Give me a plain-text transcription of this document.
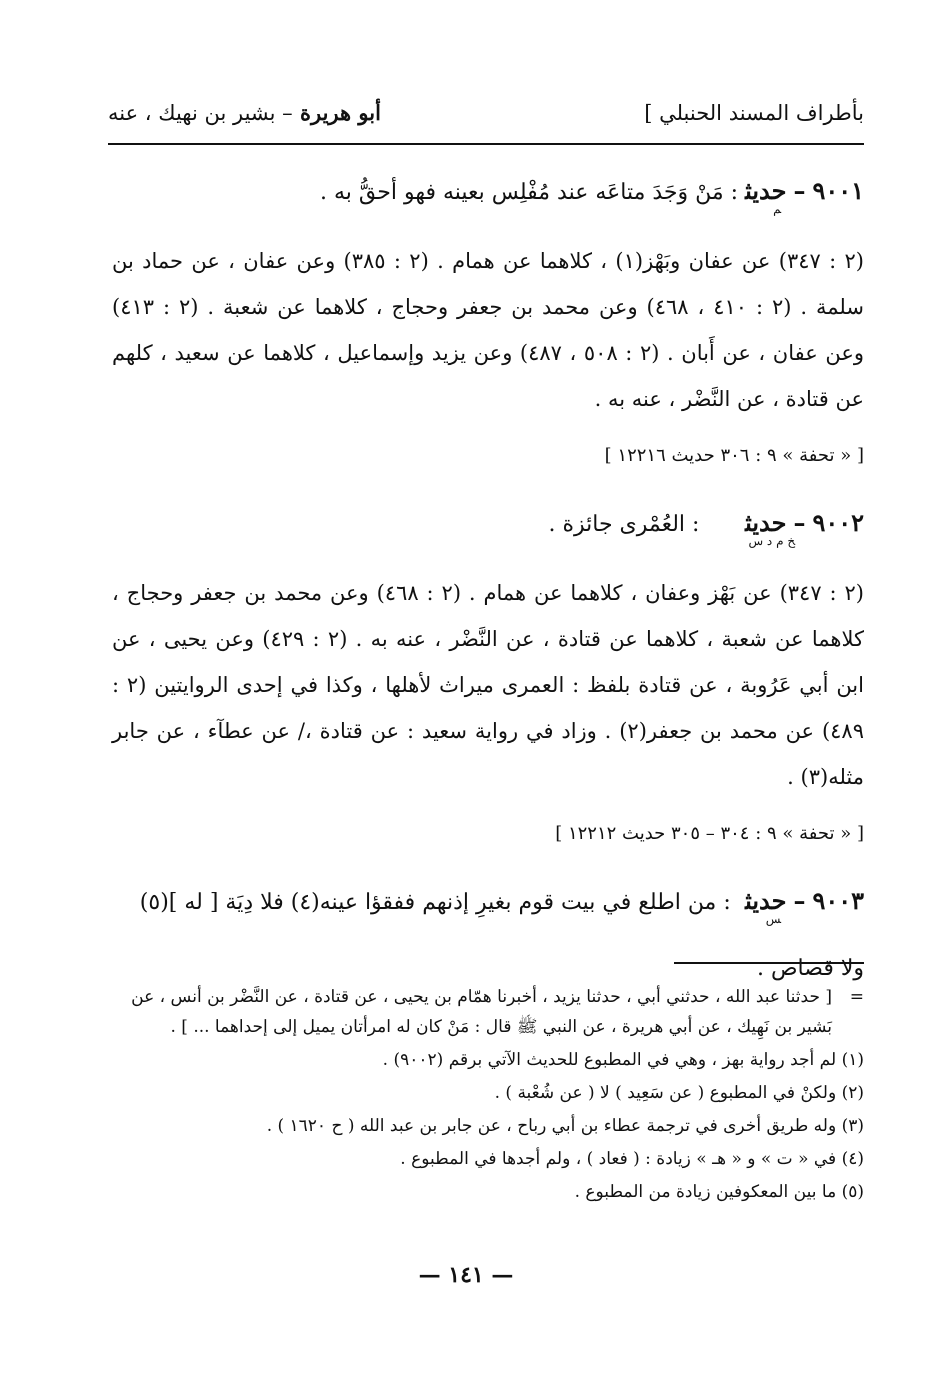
بأطراف المسند الحنبلي ]
أبو هريرة – بشير بن نهيك ، عنه

٩٠٠١ – حديث$_م$ : مَنْ وَجَدَ متاعَه عند مُفْلِس بعينه فهو أحقُّ به .

(٢ : ٣٤٧) عن عفان وبَهْز(١) ، كلاهما عن همام . (٢ : ٣٨٥) وعن عفان ، عن حماد بن سلمة . (٢ : ٤١٠ ، ٤٦٨) وعن محمد بن جعفر وحجاج ، كلاهما عن شعبة . (٢ : ٤١٣) وعن عفان ، عن أَبان . (٢ : ٥٠٨ ، ٤٨٧) وعن يزيد وإسماعيل ، كلاهما عن سعيد ، كلهم عن قتادة ، عن النَّضْر ، عنه به .

[ « تحفة » ٩ : ٣٠٦ حديث ١٢٢١٦ ]

٩٠٠٢ – حديث$_{خ م د س}$ : العُمْرى جائزة .

(٢ : ٣٤٧) عن بَهْز وعفان ، كلاهما عن همام . (٢ : ٤٦٨) وعن محمد بن جعفر وحجاج ، كلاهما عن شعبة ، كلاهما عن قتادة ، عن النَّضْر ، عنه به . (٢ : ٤٢٩) وعن يحيى ، عن ابن أبي عَرُوبة ، عن قتادة بلفظ : العمرى ميراث لأهلها ، وكذا في إحدى الروايتين (٢ : ٤٨٩) عن محمد بن جعفر(٢) . وزاد في رواية سعيد : عن قتادة ،/ عن عطآء ، عن جابر مثله(٣) .

[ « تحفة » ٩ : ٣٠٤ – ٣٠٥ حديث ١٢٢١٢ ]

٩٠٠٣ – حديث$_س$ : من اطلع في بيت قوم بغيرِ إذنهم ففقؤا عينه(٤) فلا دِيَة [ له ](٥) ولا قصاص .

=
[ حدثنا عبد الله ، حدثني أبي ، حدثنا يزيد ، أخبرنا همّام بن يحيى ، عن قتادة ، عن النَّضْر بن أنس ، عن بَشير بن نَهِيك ، عن أبي هريرة ، عن النبي ﷺ قال : مَنْ كان له امرأتان يميل إلى إحداهما ... ] .

(١) لم أجد رواية بهز ، وهي في المطبوع للحديث الآتي برقم (٩٠٠٢) .

(٢) ولكنْ في المطبوع ( عن سَعِيد ) لا ( عن شُعْبة ) .

(٣) وله طريق أخرى في ترجمة عطاء بن أبي رباح ، عن جابر بن عبد الله ( ح ١٦٢٠ ) .

(٤) في « ت » و « هـ » زيادة : ( فعاد ) ، ولم أجدها في المطبوع .

(٥) ما بين المعكوفين زيادة من المطبوع .

— ١٤١ —
